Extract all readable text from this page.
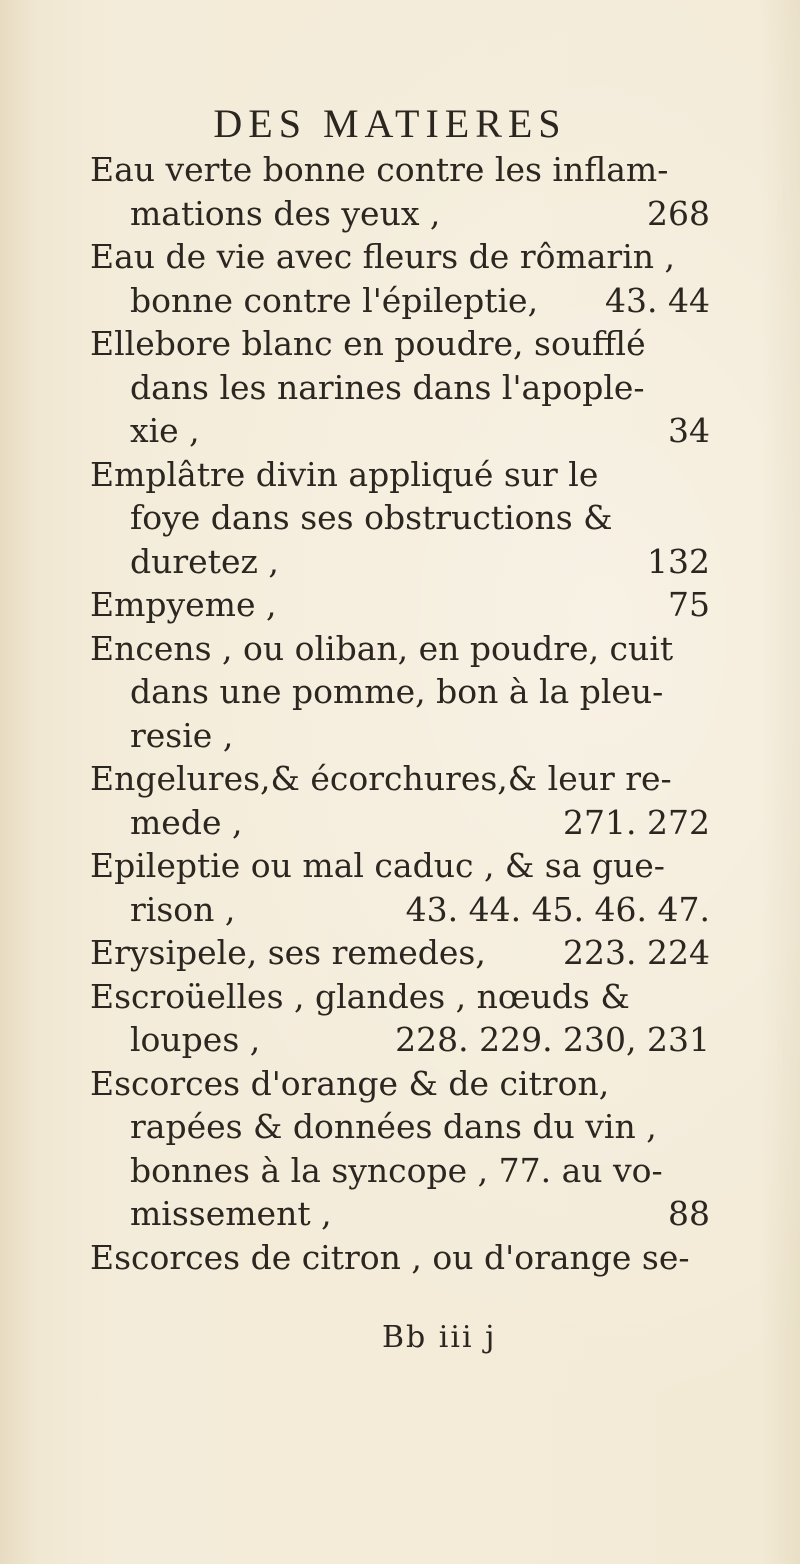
DES MATIERES
Eau verte bonne contre les inflam-
mations des yeux ,	268
Eau de vie avec fleurs de rômarin ,
bonne contre l'épileptie, 43. 44
Ellebore blanc en poudre, soufflé
dans les narines dans l'apople-
xie ,	34
Emplâtre divin appliqué sur le
foye dans ses obstructions &
duretez ,	132
Empyeme ,	75
Encens , ou oliban, en poudre, cuit
dans une pomme, bon à la pleu-
resie ,
Engelures,& écorchures,& leur re-
mede ,	271. 272
Epileptie ou mal caduc , & sa gue-
rison ,	43. 44. 45. 46. 47.
Erysipele, ses remedes, 223. 224
Escroüelles , glandes , nœuds &
loupes ,	228. 229. 230, 231
Escorces d'orange & de citron,
rapées & données dans du vin ,
bonnes à la syncope , 77. au vo-
missement ,	88
Escorces de citron , ou d'orange se-
Bb iii j
